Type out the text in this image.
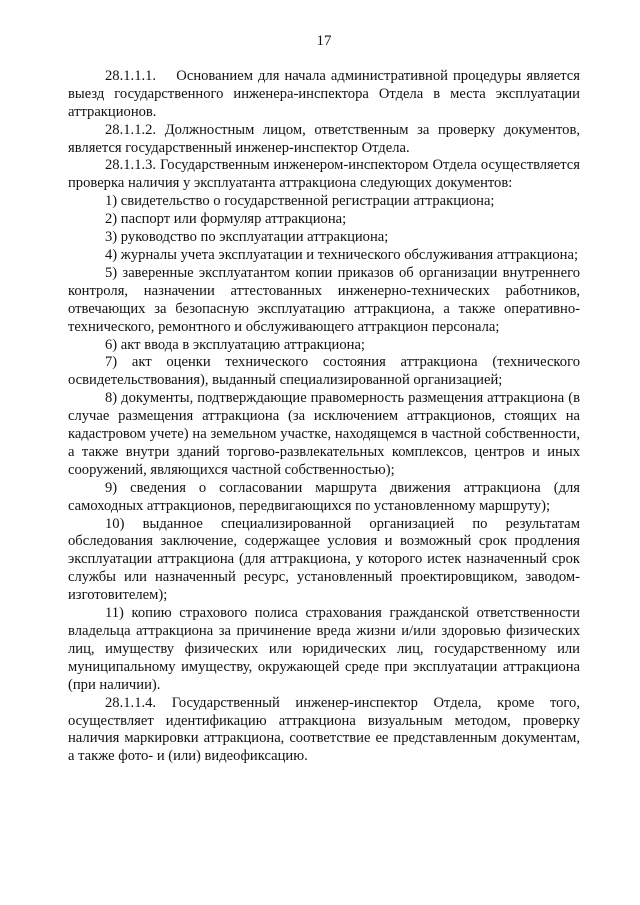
17

28.1.1.1.    Основанием для начала административной процедуры является выезд государственного инженера-инспектора Отдела в места эксплуатации аттракционов.

28.1.1.2. Должностным лицом, ответственным за проверку документов, является государственный инженер-инспектор Отдела.

28.1.1.3. Государственным инженером-инспектором Отдела осуществляется проверка наличия у эксплуатанта аттракциона следующих документов:

1) свидетельство о государственной регистрации аттракциона;

2) паспорт или формуляр аттракциона;

3) руководство по эксплуатации аттракциона;

4) журналы учета эксплуатации и технического обслуживания аттракциона;

5) заверенные эксплуатантом копии приказов об организации внутреннего контроля, назначении аттестованных инженерно-технических работников, отвечающих за безопасную эксплуатацию аттракциона, а также оперативно-технического, ремонтного и обслуживающего аттракцион персонала;

6) акт ввода в эксплуатацию аттракциона;

7) акт оценки технического состояния аттракциона (технического освидетельствования), выданный специализированной организацией;

8) документы, подтверждающие правомерность размещения аттракциона (в случае размещения аттракциона (за исключением аттракционов, стоящих на кадастровом учете) на земельном участке, находящемся в частной собственности, а также внутри зданий торгово-развлекательных комплексов, центров и иных сооружений, являющихся частной собственностью);

9) сведения о согласовании маршрута движения аттракциона (для самоходных аттракционов, передвигающихся по установленному маршруту);

10) выданное специализированной организацией по результатам обследования заключение, содержащее условия и возможный срок продления эксплуатации аттракциона (для аттракциона, у которого истек назначенный срок службы или назначенный ресурс, установленный проектировщиком, заводом-изготовителем);

11) копию страхового полиса страхования гражданской ответственности владельца аттракциона за причинение вреда жизни и/или здоровью физических лиц, имуществу физических или юридических лиц, государственному или муниципальному имуществу, окружающей среде при эксплуатации аттракциона (при наличии).

28.1.1.4. Государственный инженер-инспектор Отдела, кроме того, осуществляет идентификацию аттракциона визуальным методом, проверку наличия маркировки аттракциона, соответствие ее представленным документам, а также фото- и (или) видеофиксацию.
